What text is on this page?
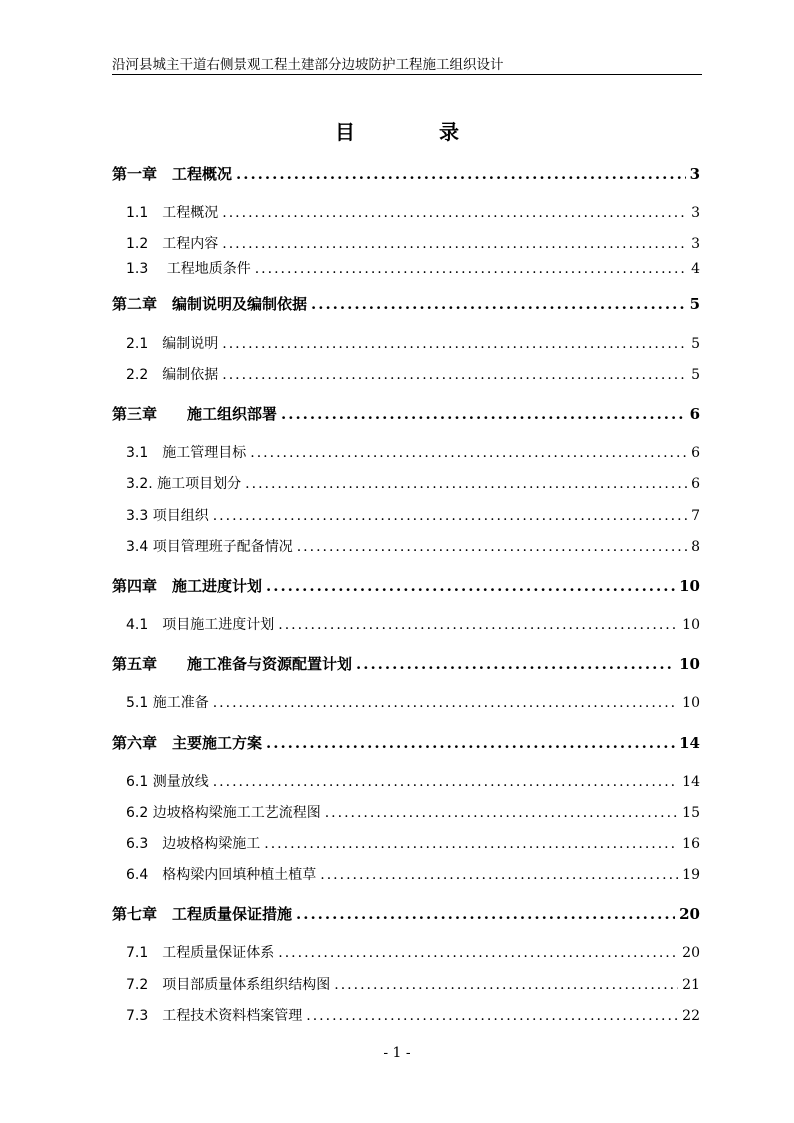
沿河县城主干道右侧景观工程土建部分边坡防护工程施工组织设计
目　录
第一章　工程概况 .....	3
1.1　工程概况 .....	3
1.2　工程内容 .....	3
1.3　 工程地质条件 .....	4
第二章　编制说明及编制依据 .....	5
2.1　编制说明 .....	5
2.2　编制依据 .....	5
第三章　　施工组织部署 .....	6
3.1　施工管理目标 .....	6
3.2. 施工项目划分 .....	6
3.3 项目组织 .....	7
3.4 项目管理班子配备情况 .....	8
第四章　施工进度计划 .....	10
4.1　项目施工进度计划 .....	10
第五章　　施工准备与资源配置计划 .....	10
5.1 施工准备 .....	10
第六章　主要施工方案 .....	14
6.1 测量放线 .....	14
6.2 边坡格构梁施工工艺流程图 .....	15
6.3　边坡格构梁施工 .....	16
6.4　格构梁内回填种植土植草 .....	19
第七章　工程质量保证措施 .....	20
7.1　工程质量保证体系 .....	20
7.2　项目部质量体系组织结构图 .....	21
7.3　工程技术资料档案管理 .....	22
- 1 -
